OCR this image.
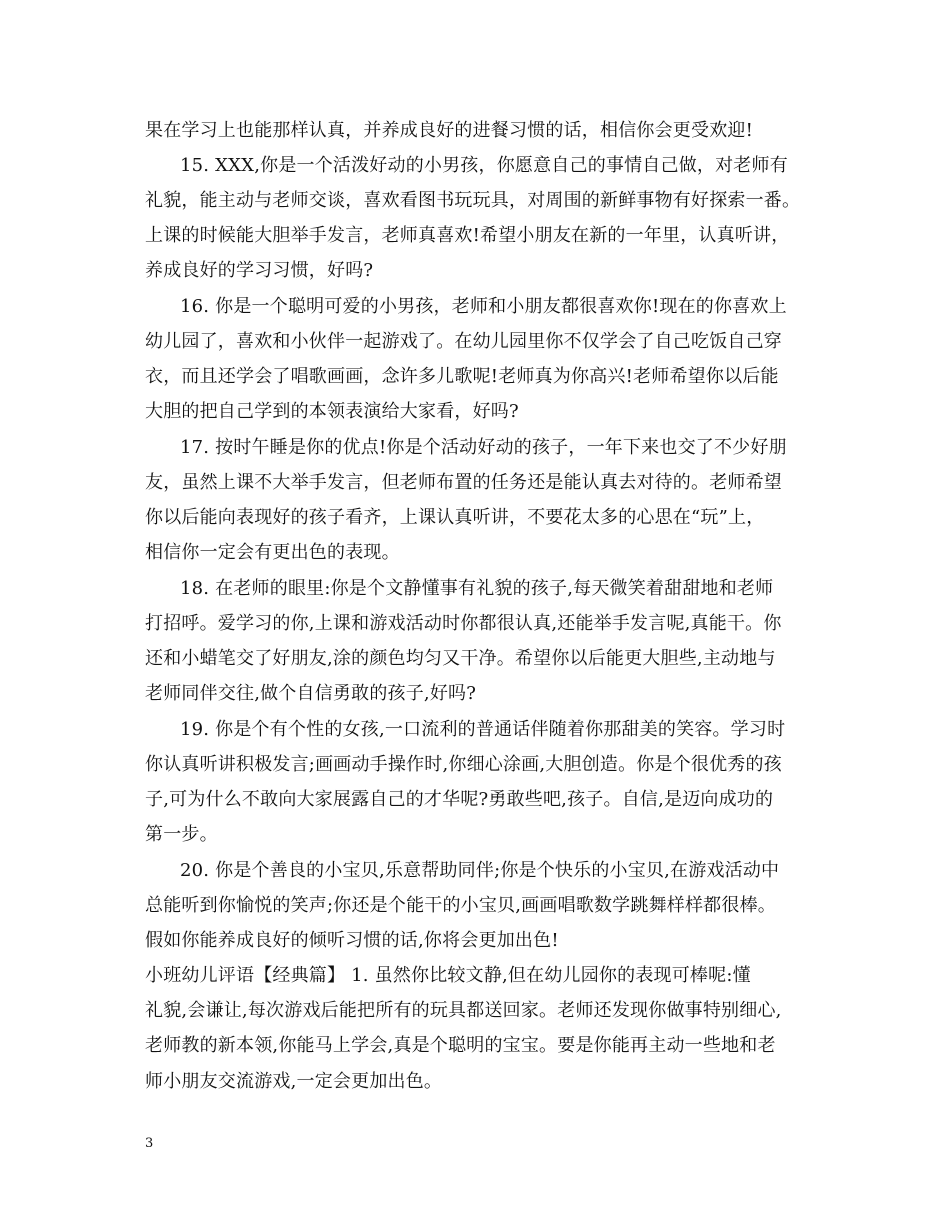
果在学习上也能那样认真，并养成良好的进餐习惯的话，相信你会更受欢迎!
15. XXX,你是一个活泼好动的小男孩，你愿意自己的事情自己做，对老师有
礼貌，能主动与老师交谈，喜欢看图书玩玩具，对周围的新鲜事物有好探索一番。
上课的时候能大胆举手发言，老师真喜欢!希望小朋友在新的一年里，认真听讲，
养成良好的学习习惯，好吗?
16. 你是一个聪明可爱的小男孩，老师和小朋友都很喜欢你!现在的你喜欢上
幼儿园了，喜欢和小伙伴一起游戏了。在幼儿园里你不仅学会了自己吃饭自己穿
衣，而且还学会了唱歌画画，念许多儿歌呢!老师真为你高兴!老师希望你以后能
大胆的把自己学到的本领表演给大家看，好吗?
17. 按时午睡是你的优点!你是个活动好动的孩子，一年下来也交了不少好朋
友，虽然上课不大举手发言，但老师布置的任务还是能认真去对待的。老师希望
你以后能向表现好的孩子看齐，上课认真听讲，不要花太多的心思在“玩”上，
相信你一定会有更出色的表现。
18. 在老师的眼里:你是个文静懂事有礼貌的孩子,每天微笑着甜甜地和老师
打招呼。爱学习的你,上课和游戏活动时你都很认真,还能举手发言呢,真能干。你
还和小蜡笔交了好朋友,涂的颜色均匀又干净。希望你以后能更大胆些,主动地与
老师同伴交往,做个自信勇敢的孩子,好吗?
19. 你是个有个性的女孩,一口流利的普通话伴随着你那甜美的笑容。学习时
你认真听讲积极发言;画画动手操作时,你细心涂画,大胆创造。你是个很优秀的孩
子,可为什么不敢向大家展露自己的才华呢?勇敢些吧,孩子。自信,是迈向成功的
第一步。
20. 你是个善良的小宝贝,乐意帮助同伴;你是个快乐的小宝贝,在游戏活动中
总能听到你愉悦的笑声;你还是个能干的小宝贝,画画唱歌数学跳舞样样都很棒。
假如你能养成良好的倾听习惯的话,你将会更加出色!
小班幼儿评语【经典篇】 1. 虽然你比较文静,但在幼儿园你的表现可棒呢:懂
礼貌,会谦让,每次游戏后能把所有的玩具都送回家。老师还发现你做事特别细心,
老师教的新本领,你能马上学会,真是个聪明的宝宝。要是你能再主动一些地和老
师小朋友交流游戏,一定会更加出色。
3
